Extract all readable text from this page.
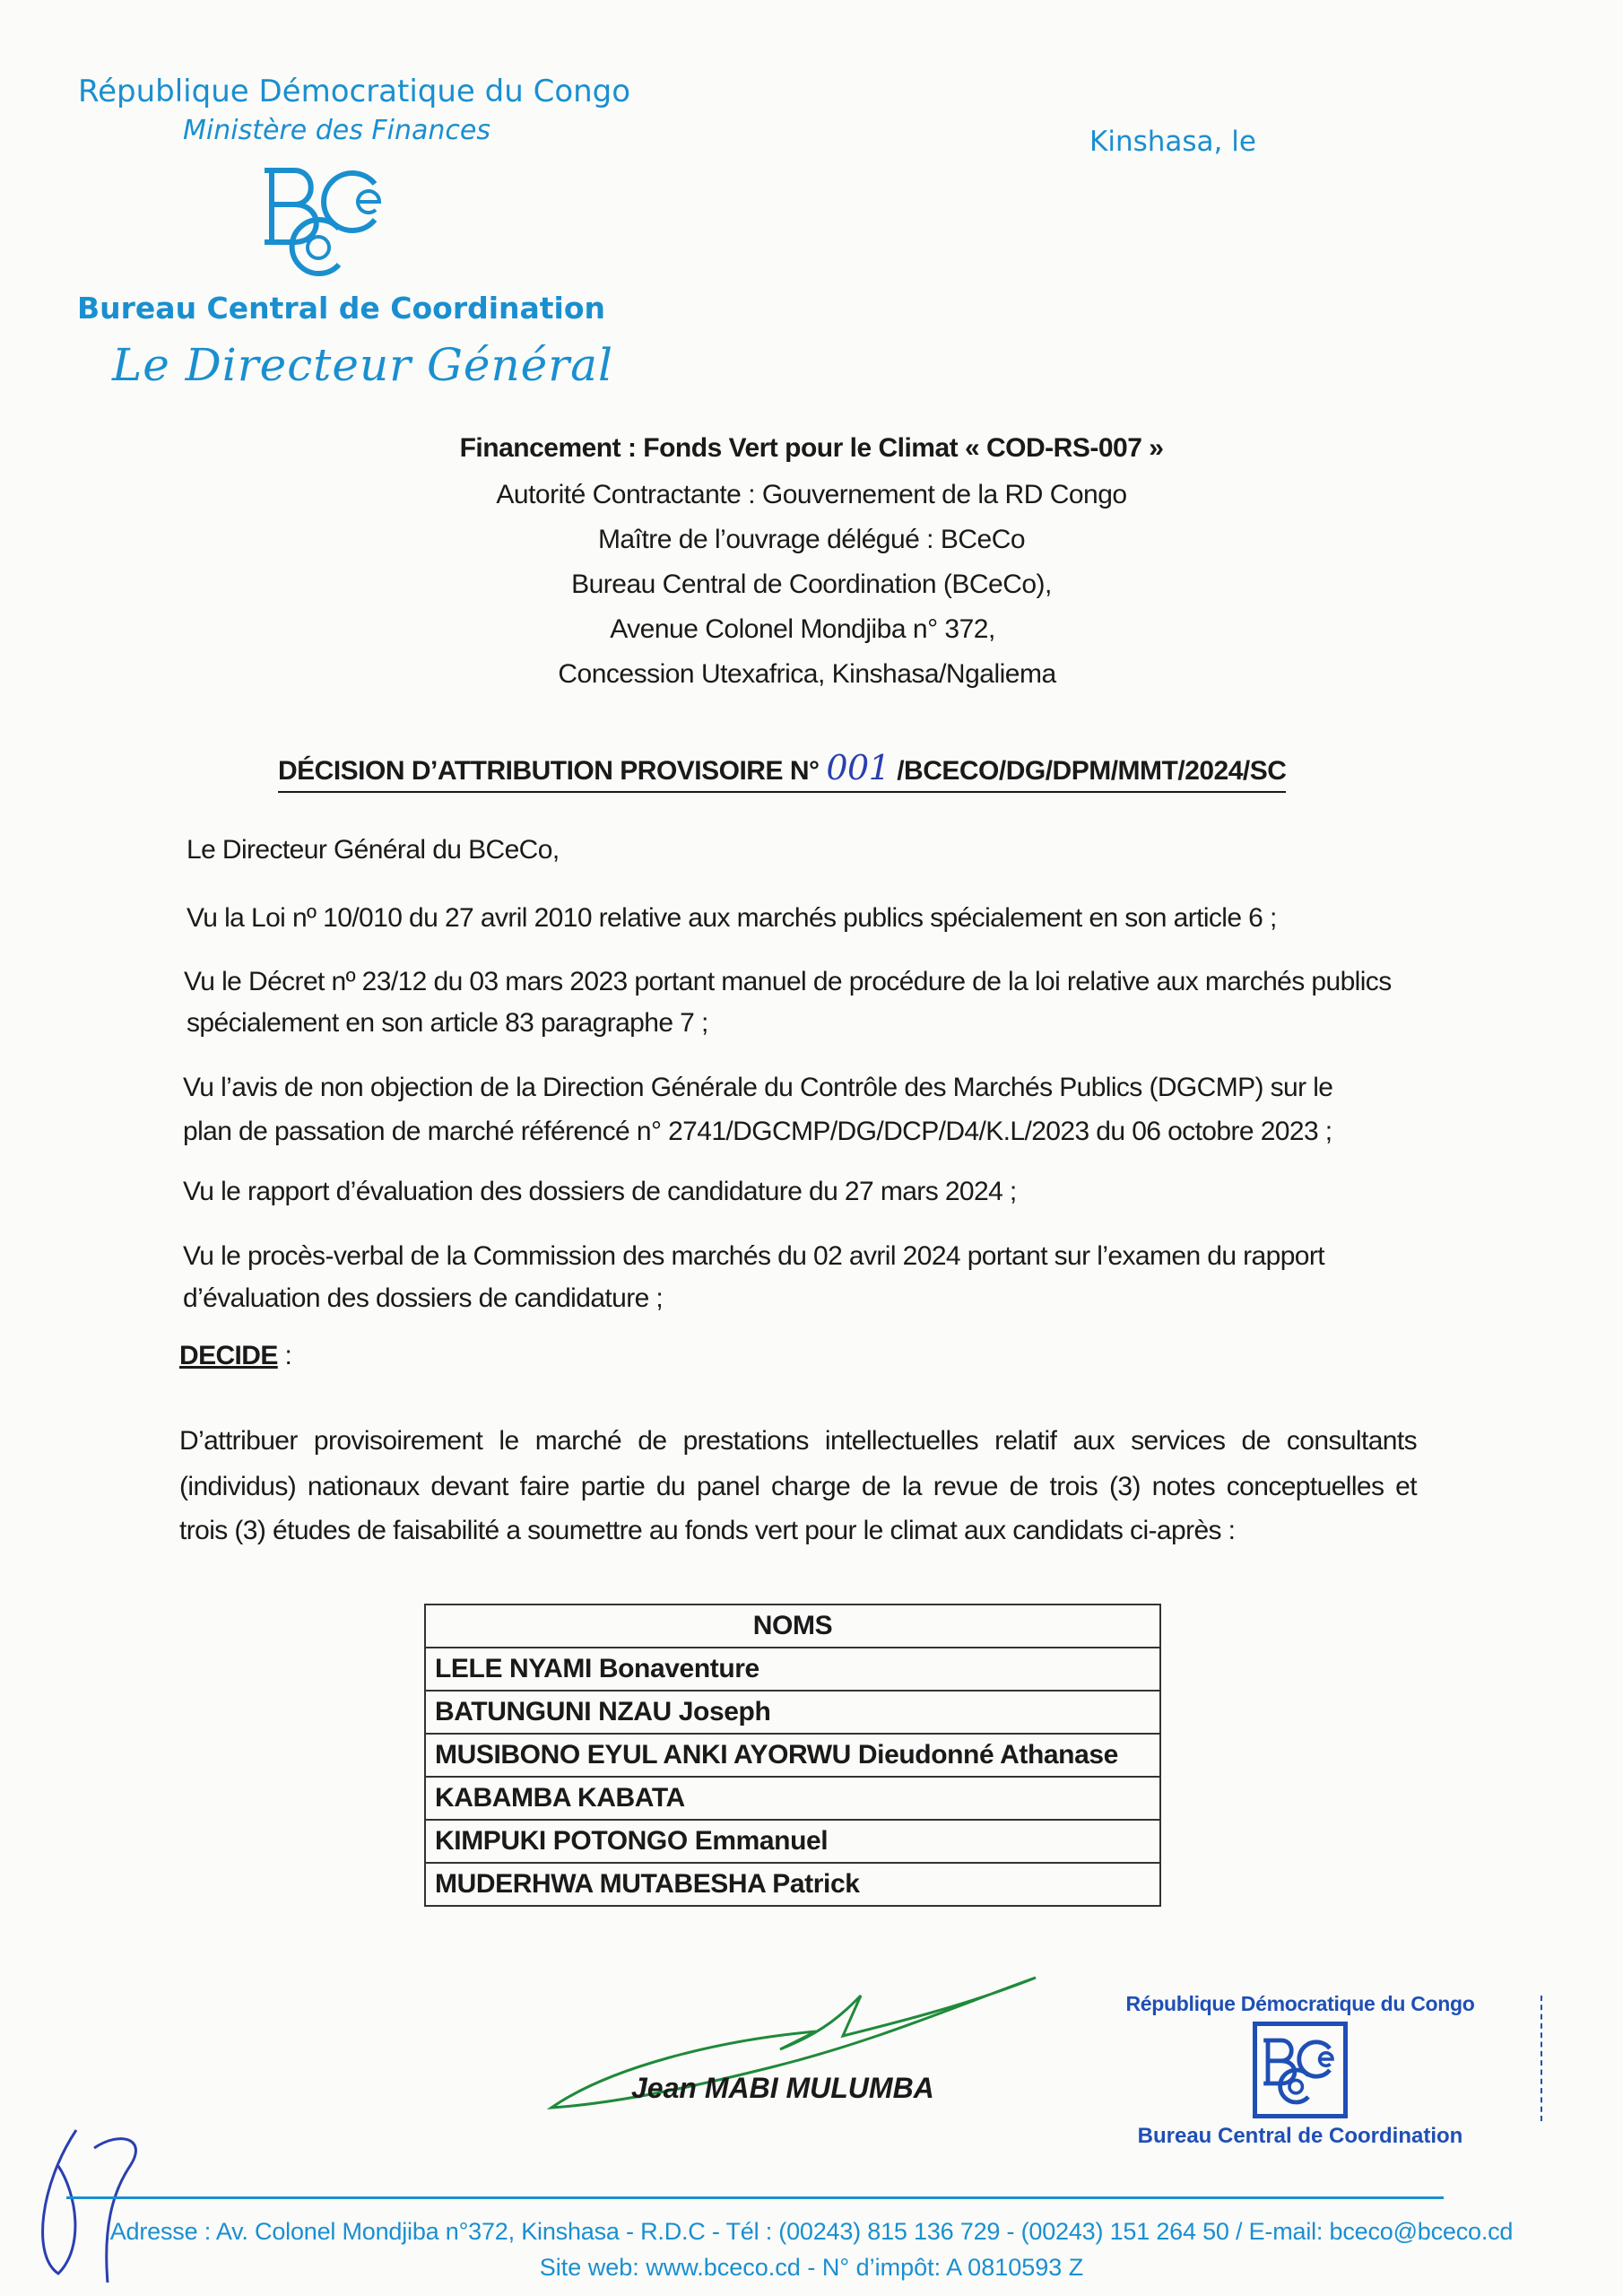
République Démocratique du Congo
Ministère des Finances
Bureau Central de Coordination
Le Directeur Général
Kinshasa, le
Financement : Fonds Vert pour le Climat « COD-RS-007 »
Autorité Contractante : Gouvernement de la RD Congo
Maître de l’ouvrage délégué : BCeCo
Bureau Central de Coordination (BCeCo),
Avenue Colonel Mondjiba n° 372,
Concession Utexafrica, Kinshasa/Ngaliema
DÉCISION D’ATTRIBUTION PROVISOIRE N° 001 /BCECO/DG/DPM/MMT/2024/SC
Le Directeur Général du BCeCo,
Vu la Loi nº 10/010 du 27 avril 2010 relative aux marchés publics spécialement en son article 6 ;
Vu le Décret nº 23/12 du 03 mars 2023 portant manuel de procédure de la loi relative aux marchés publics
spécialement en son article 83 paragraphe 7 ;
Vu l’avis de non objection de la Direction Générale du Contrôle des Marchés Publics (DGCMP) sur le
plan de passation de marché référencé n° 2741/DGCMP/DG/DCP/D4/K.L/2023 du 06 octobre 2023 ;
Vu le rapport d’évaluation des dossiers de candidature du 27 mars 2024 ;
Vu le procès-verbal de la Commission des marchés du 02 avril 2024 portant sur l’examen du rapport
d’évaluation des dossiers de candidature ;
DECIDE :
D’attribuer provisoirement le marché de prestations intellectuelles relatif aux services de consultants
(individus) nationaux devant faire partie du panel charge de la revue de trois (3) notes conceptuelles et
trois (3) études de faisabilité a soumettre au fonds vert pour le climat aux candidats ci-après :
NOMS
LELE NYAMI Bonaventure
BATUNGUNI NZAU Joseph
MUSIBONO EYUL ANKI AYORWU Dieudonné Athanase
KABAMBA KABATA
KIMPUKI POTONGO Emmanuel
MUDERHWA MUTABESHA Patrick
Jean MABI MULUMBA
République Démocratique du Congo
Bureau Central de Coordination
Adresse : Av. Colonel Mondjiba n°372, Kinshasa - R.D.C - Tél : (00243) 815 136 729 - (00243) 151 264 50 / E-mail: bceco@bceco.cd
Site web: www.bceco.cd - N° d’impôt: A 0810593 Z
